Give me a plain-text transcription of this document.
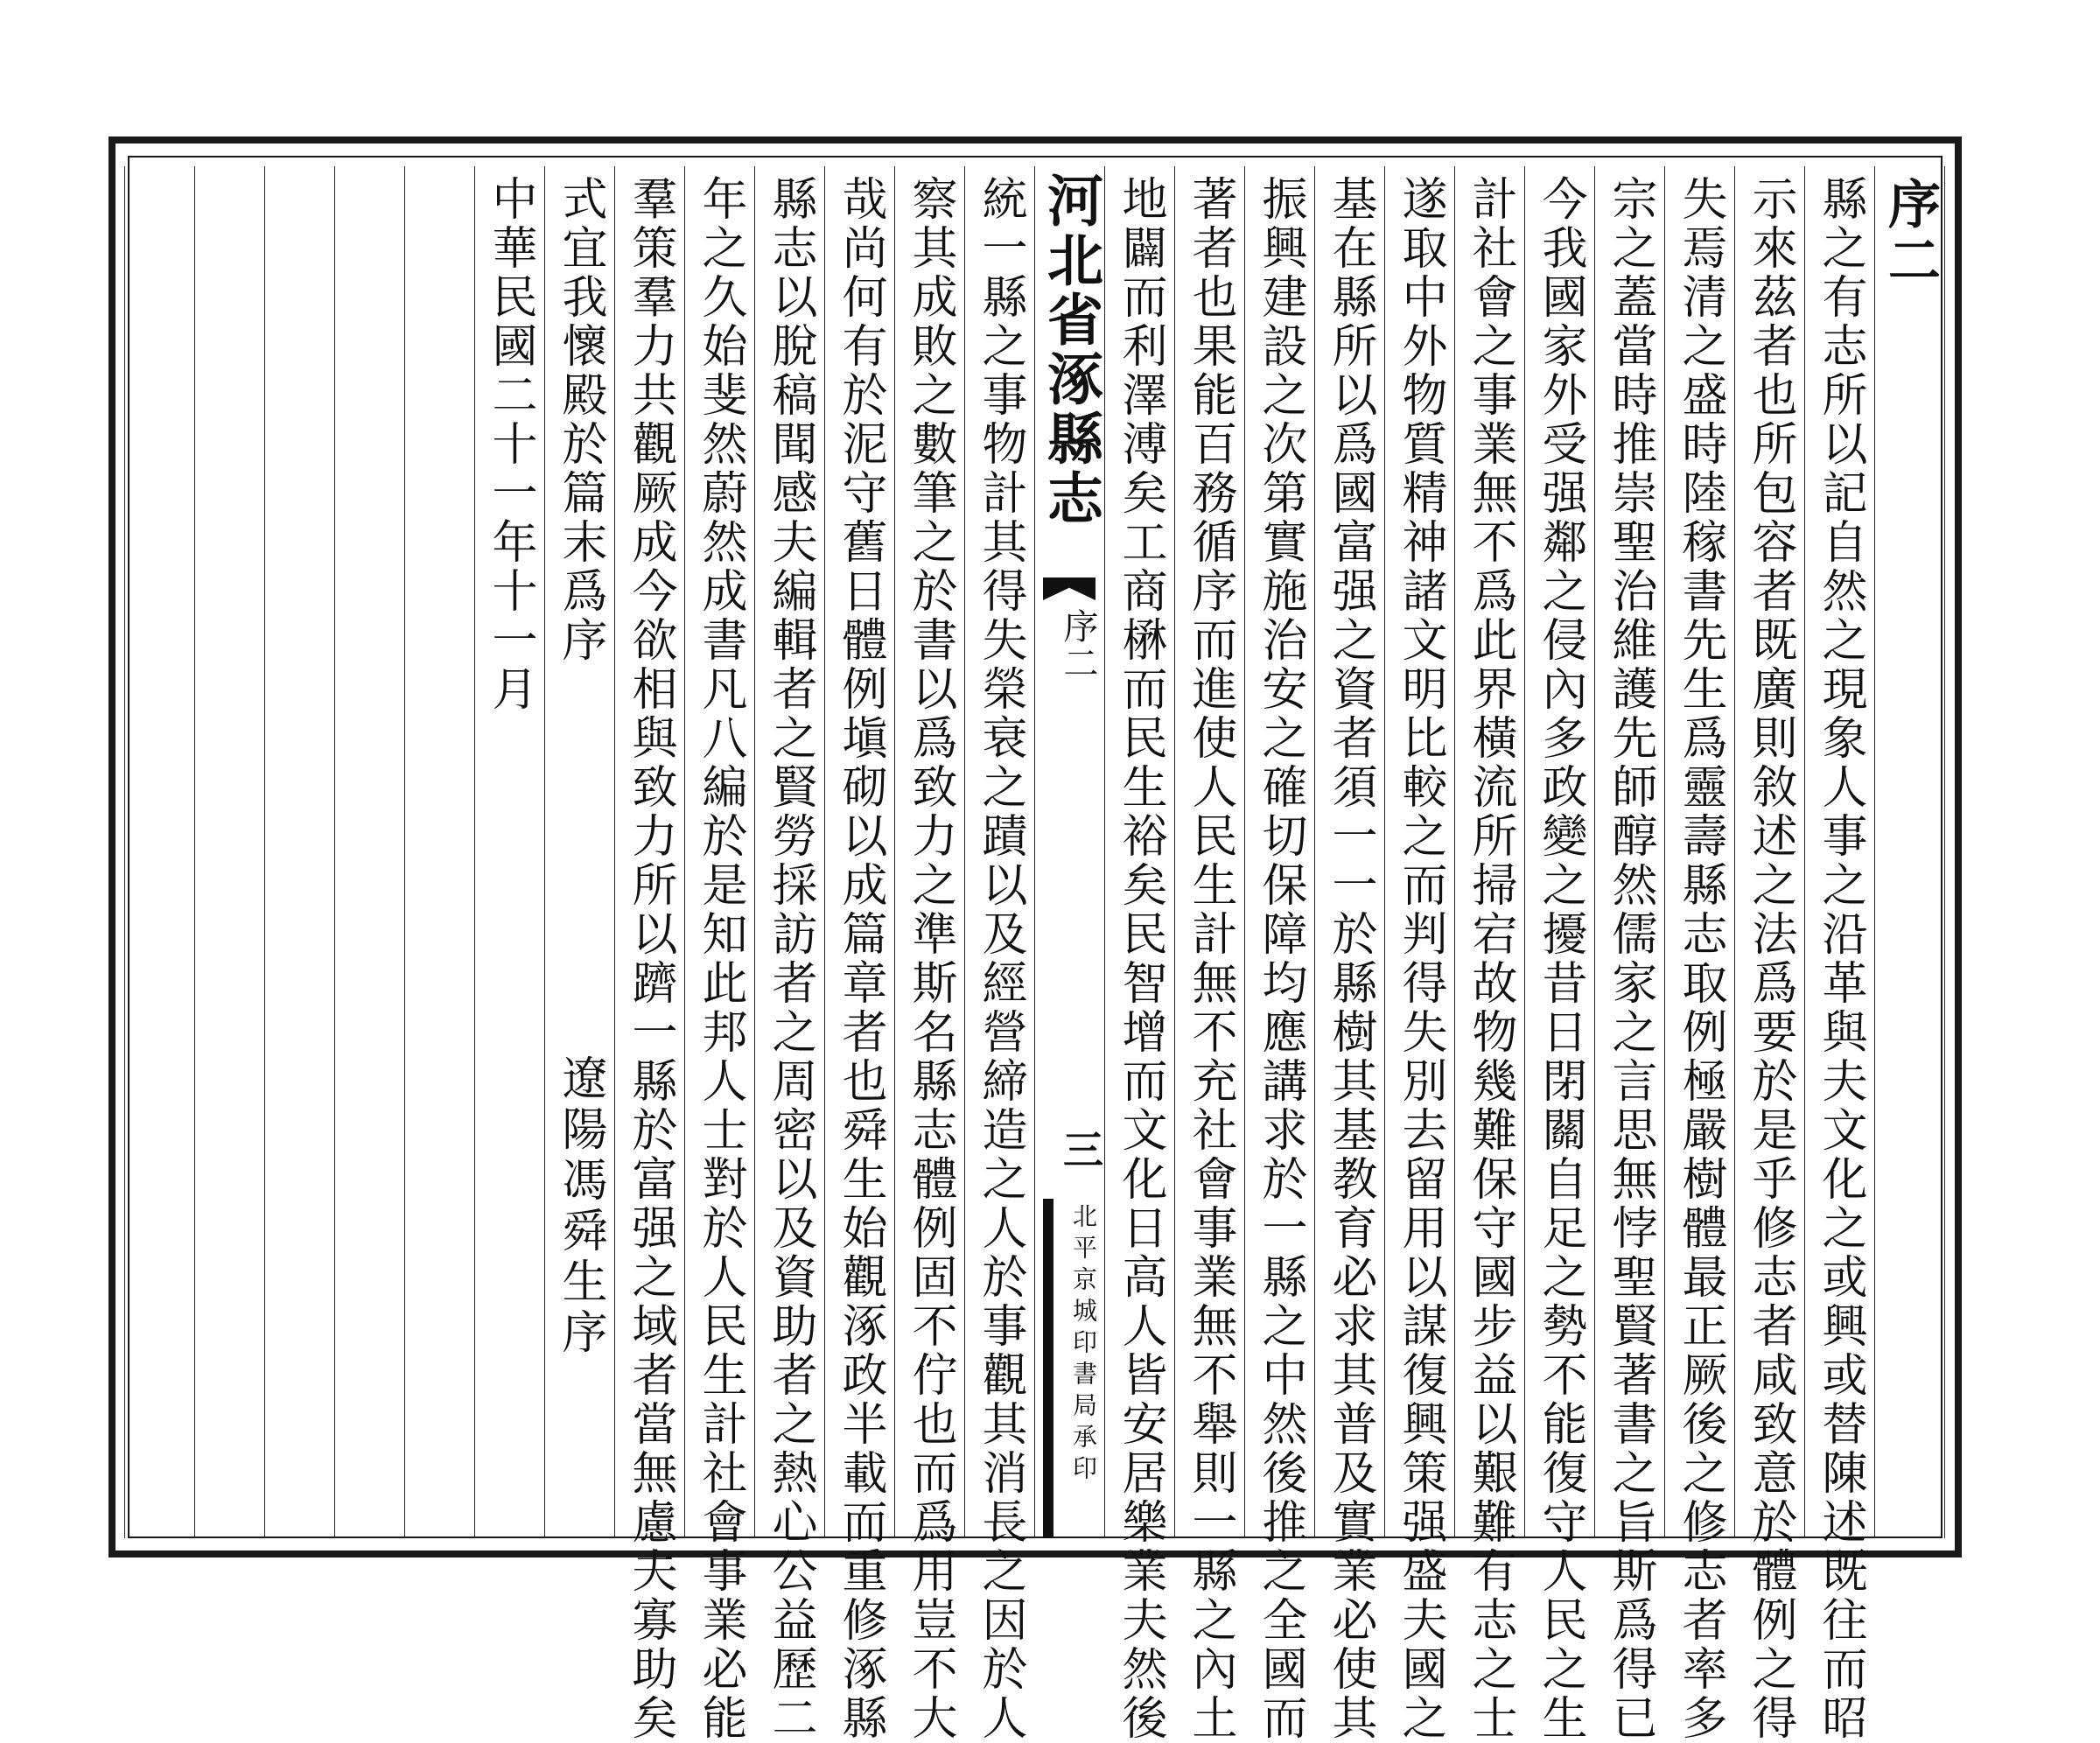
序二
縣之有志所以記自然之現象人事之沿革與夫文化之或興或替陳述既往而昭
示來茲者也所包容者既廣則敘述之法爲要於是乎修志者咸致意於體例之得
失焉清之盛時陸稼書先生爲靈壽縣志取例極嚴樹體最正厥後之修志者率多
宗之蓋當時推崇聖治維護先師醇然儒家之言思無悖聖賢著書之旨斯爲得已
今我國家外受强鄰之侵內多政變之擾昔日閉關自足之勢不能復守人民之生
計社會之事業無不爲此界橫流所掃宕故物幾難保守國步益以艱難有志之士
遂取中外物質精神諸文明比較之而判得失別去留用以謀復興策强盛夫國之
基在縣所以爲國富强之資者須一一於縣樹其基教育必求其普及實業必使其
振興建設之次第實施治安之確切保障均應講求於一縣之中然後推之全國而
著者也果能百務循序而進使人民生計無不充社會事業無不舉則一縣之內土
地闢而利澤溥矣工商楙而民生裕矣民智增而文化日高人皆安居樂業夫然後
統一縣之事物計其得失榮衰之蹟以及經營締造之人於事觀其消長之因於人
察其成敗之數筆之於書以爲致力之準斯名縣志體例固不佇也而爲用豈不大
哉尚何有於泥守舊日體例塡砌以成篇章者也舜生始觀涿政半載而重修涿縣
縣志以脫稿聞感夫編輯者之賢勞採訪者之周密以及資助者之熱心公益歷二
年之久始斐然蔚然成書凡八編於是知此邦人士對於人民生計社會事業必能
羣策羣力共觀厥成今欲相與致力所以躋一縣於富强之域者當無慮夫寡助矣
式宜我懷殿於篇末爲序
中華民國二十一年十一月	河北省涿縣志
序二
三
北平京城印書局承印
遼陽馮舜生序
